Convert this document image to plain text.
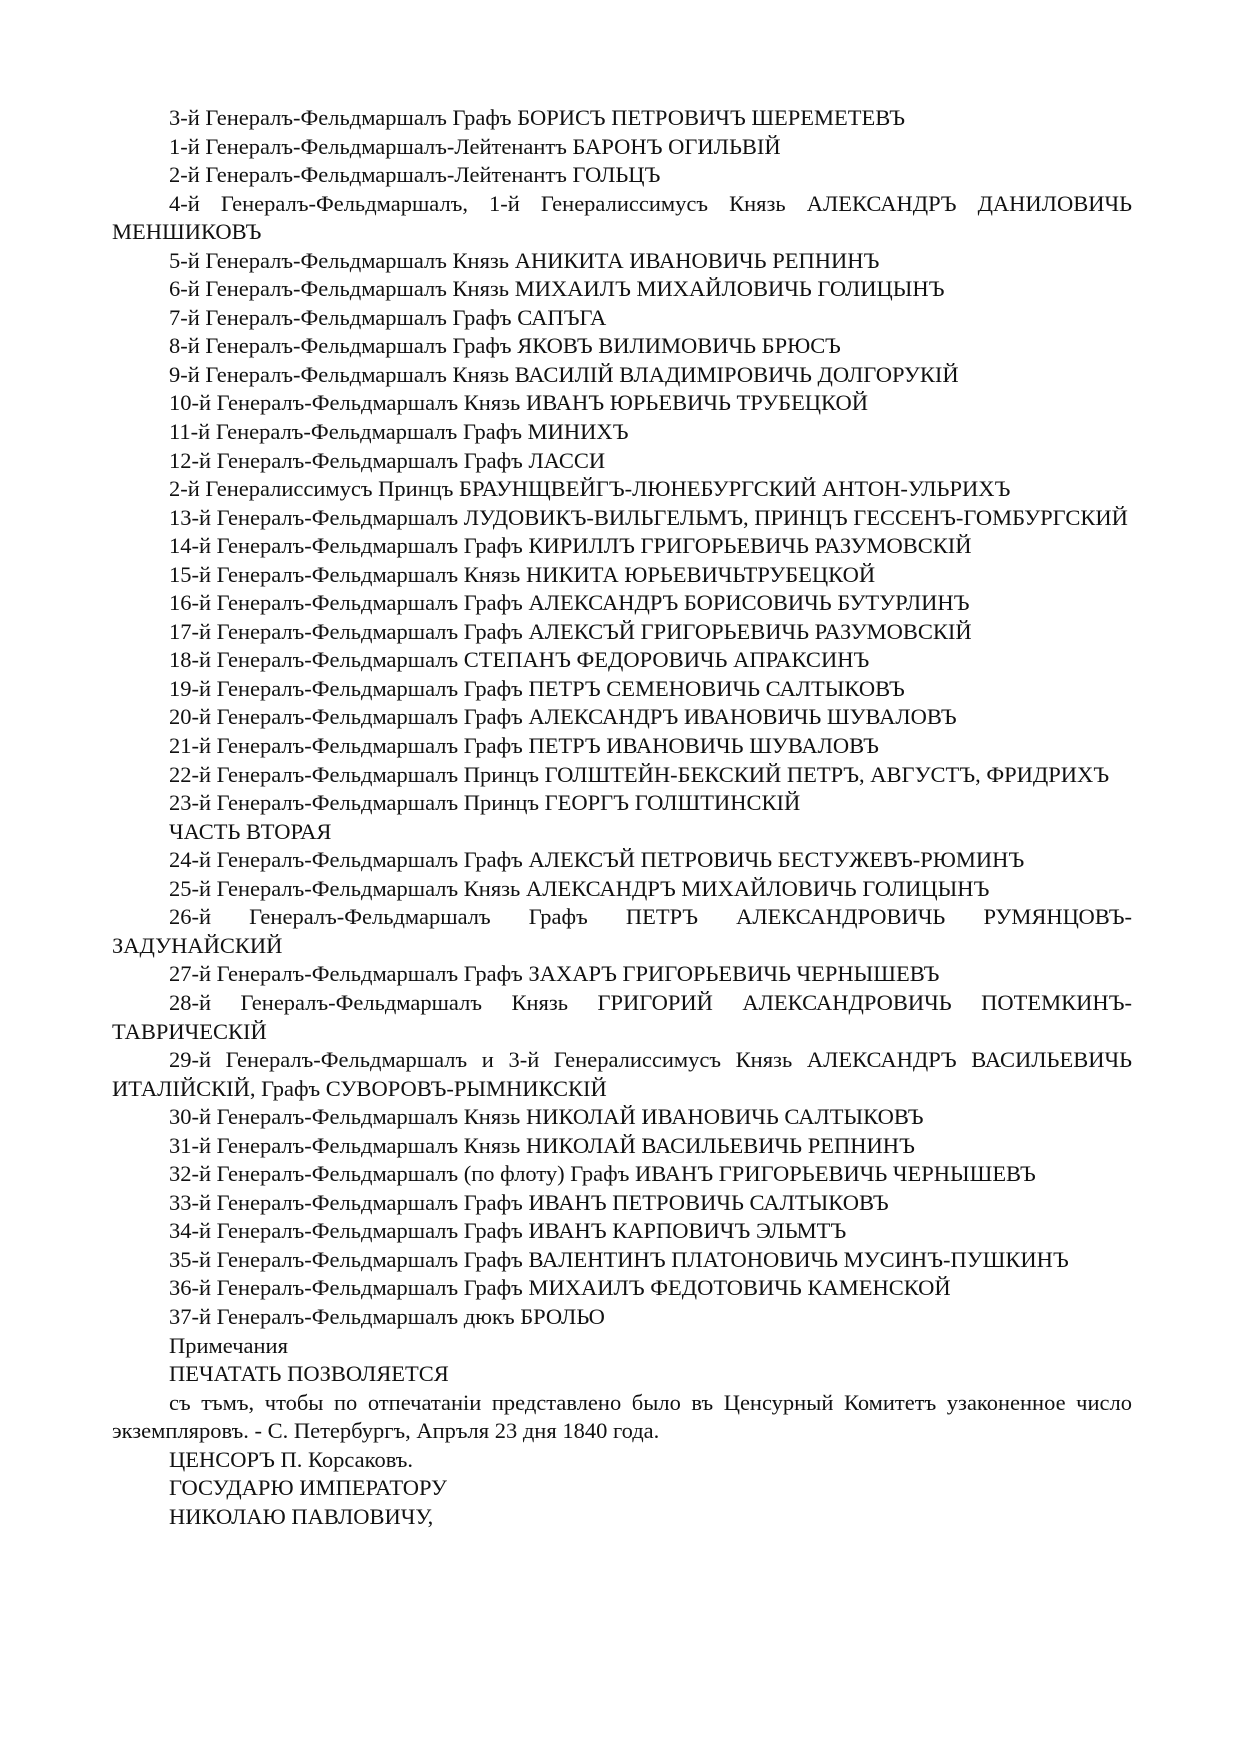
3-й Генералъ-Фельдмаршалъ Графъ БОРИСЪ ПЕТРОВИЧЪ ШЕРЕМЕТЕВЪ

1-й Генералъ-Фельдмаршалъ-Лейтенантъ БАРОНЪ ОГИЛЬВIЙ

2-й Генералъ-Фельдмаршалъ-Лейтенантъ ГОЛЬЦЪ

4-й Генералъ-Фельдмаршалъ, 1-й Генералиссимусъ Князь АЛЕКСАНДРЪ ДАНИЛОВИЧЬ МЕНШИКОВЪ

5-й Генералъ-Фельдмаршалъ Князь АНИКИТА ИВАНОВИЧЬ РЕПНИНЪ

6-й Генералъ-Фельдмаршалъ Князь МИХАИЛЪ МИХАЙЛОВИЧЬ ГОЛИЦЫНЪ

7-й Генералъ-Фельдмаршалъ Графъ САПЪГА

8-й Генералъ-Фельдмаршалъ Графъ ЯКОВЪ ВИЛИМОВИЧЬ БРЮСЪ

9-й Генералъ-Фельдмаршалъ Князь ВАСИЛIЙ ВЛАДИМIРОВИЧЬ ДОЛГОРУКIЙ

10-й Генералъ-Фельдмаршалъ Князь ИВАНЪ ЮРЬЕВИЧЬ ТРУБЕЦКОЙ

11-й Генералъ-Фельдмаршалъ Графъ МИНИХЪ

12-й Генералъ-Фельдмаршалъ Графъ ЛАССИ

2-й Генералиссимусъ Принцъ БРАУНЩВЕЙГЪ-ЛЮНЕБУРГСКИЙ АНТОН-УЛЬРИХЪ

13-й Генералъ-Фельдмаршалъ ЛУДОВИКЪ-ВИЛЬГЕЛЬМЪ, ПРИНЦЪ ГЕССЕНЪ-ГОМБУРГСКИЙ

14-й Генералъ-Фельдмаршалъ Графъ КИРИЛЛЪ ГРИГОРЬЕВИЧЬ РАЗУМОВСКIЙ

15-й Генералъ-Фельдмаршалъ Князь НИКИТА ЮРЬЕВИЧЬТРУБЕЦКОЙ

16-й Генералъ-Фельдмаршалъ Графъ АЛЕКСАНДРЪ БОРИСОВИЧЬ БУТУРЛИНЪ

17-й Генералъ-Фельдмаршалъ Графъ АЛЕКСЪЙ ГРИГОРЬЕВИЧЬ РАЗУМОВСКIЙ

18-й Генералъ-Фельдмаршалъ СТЕПАНЪ ФЕДОРОВИЧЬ АПРАКСИНЪ

19-й Генералъ-Фельдмаршалъ Графъ ПЕТРЪ СЕМЕНОВИЧЬ САЛТЫКОВЪ

20-й Генералъ-Фельдмаршалъ Графъ АЛЕКСАНДРЪ ИВАНОВИЧЬ ШУВАЛОВЪ

21-й Генералъ-Фельдмаршалъ Графъ ПЕТРЪ ИВАНОВИЧЬ ШУВАЛОВЪ

22-й Генералъ-Фельдмаршалъ Принцъ ГОЛШТЕЙН-БЕКСКИЙ ПЕТРЪ, АВГУСТЪ, ФРИДРИХЪ

23-й Генералъ-Фельдмаршалъ Принцъ ГЕОРГЪ ГОЛШТИНСКIЙ

ЧАСТЬ ВТОРАЯ

24-й Генералъ-Фельдмаршалъ Графъ АЛЕКСЪЙ ПЕТРОВИЧЬ БЕСТУЖЕВЪ-РЮМИНЪ

25-й Генералъ-Фельдмаршалъ Князь АЛЕКСАНДРЪ МИХАЙЛОВИЧЬ ГОЛИЦЫНЪ

26-й Генералъ-Фельдмаршалъ Графъ ПЕТРЪ АЛЕКСАНДРОВИЧЬ РУМЯНЦОВЪ-ЗАДУНАЙСКИЙ

27-й Генералъ-Фельдмаршалъ Графъ ЗАХАРЪ ГРИГОРЬЕВИЧЬ ЧЕРНЫШЕВЪ

28-й Генералъ-Фельдмаршалъ Князь ГРИГОРИЙ АЛЕКСАНДРОВИЧЬ ПОТЕМКИНЪ-ТАВРИЧЕСКIЙ

29-й Генералъ-Фельдмаршалъ и 3-й Генералиссимусъ Князь АЛЕКСАНДРЪ ВАСИЛЬЕВИЧЬ ИТАЛIЙСКIЙ, Графъ СУВОРОВЪ-РЫМНИКСКIЙ

30-й Генералъ-Фельдмаршалъ Князь НИКОЛАЙ ИВАНОВИЧЬ САЛТЫКОВЪ

31-й Генералъ-Фельдмаршалъ Князь НИКОЛАЙ ВАСИЛЬЕВИЧЬ РЕПНИНЪ

32-й Генералъ-Фельдмаршалъ (по флоту) Графъ ИВАНЪ ГРИГОРЬЕВИЧЬ ЧЕРНЫШЕВЪ

33-й Генералъ-Фельдмаршалъ Графъ ИВАНЪ ПЕТРОВИЧЬ САЛТЫКОВЪ

34-й Генералъ-Фельдмаршалъ Графъ ИВАНЪ КАРПОВИЧЪ ЭЛЬМТЪ

35-й Генералъ-Фельдмаршалъ Графъ ВАЛЕНТИНЪ ПЛАТОНОВИЧЬ МУСИНЪ-ПУШКИНЪ

36-й Генералъ-Фельдмаршалъ Графъ МИХАИЛЪ ФЕДОТОВИЧЬ КАМЕНСКОЙ

37-й Генералъ-Фельдмаршалъ дюкъ БРОЛЬО

Примечания

ПЕЧАТАТЬ ПОЗВОЛЯЕТСЯ

съ тъмъ, чтобы по отпечатанiи представлено было въ Ценсурный Комитетъ узаконенное число экземпляровъ. - С. Петербургъ, Апръля 23 дня 1840 года.

ЦЕНСОРЪ П. Корсаковъ.

ГОСУДАРЮ ИМПЕРАТОРУ

НИКОЛАЮ ПАВЛОВИЧУ,
